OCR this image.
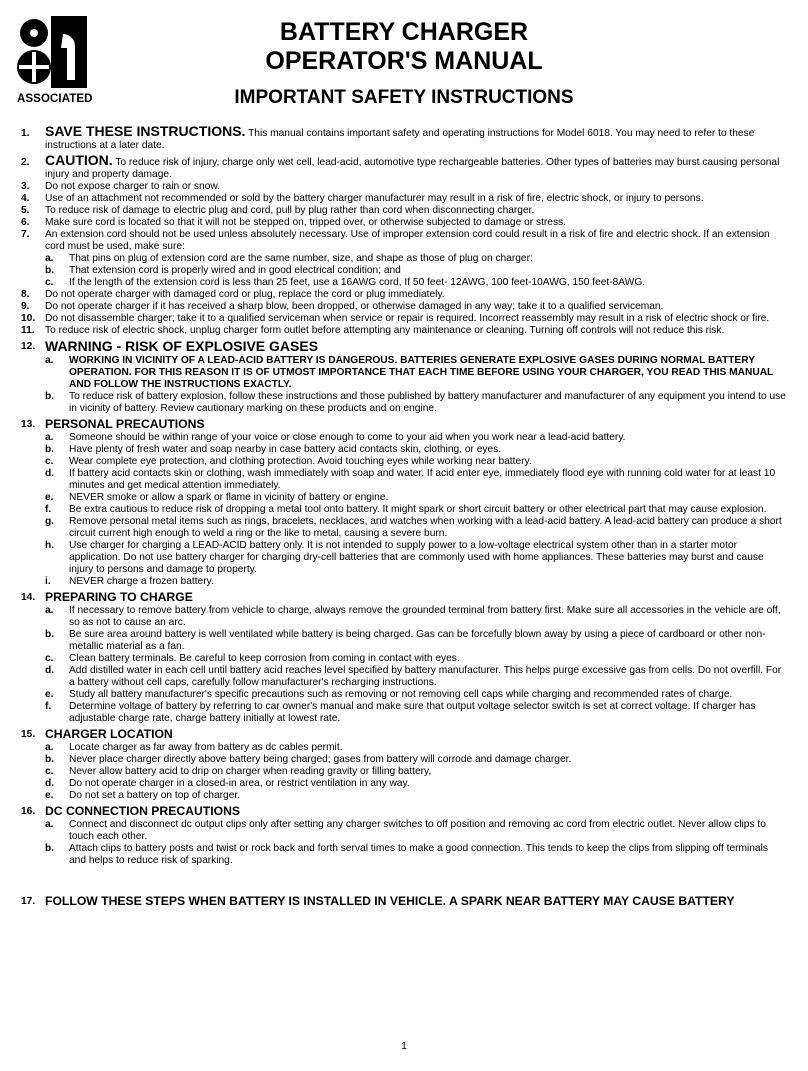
ASSOCIATED
BATTERY CHARGER
OPERATOR'S MANUAL
IMPORTANT SAFETY INSTRUCTIONS
1. SAVE THESE INSTRUCTIONS. This manual contains important safety and operating instructions for Model 6018. You may need to refer to these instructions at a later date.
2. CAUTION. To reduce risk of injury, charge only wet cell, lead-acid, automotive type rechargeable batteries. Other types of batteries may burst causing personal injury and property damage.
3. Do not expose charger to rain or snow.
4. Use of an attachment not recommended or sold by the battery charger manufacturer may result in a risk of fire, electric shock, or injury to persons.
5. To reduce risk of damage to electric plug and cord, pull by plug rather than cord when disconnecting charger.
6. Make sure cord is located so that it will not be stepped on, tripped over, or otherwise subjected to damage or stress.
7. An extension cord should not be used unless absolutely necessary. Use of improper extension cord could result in a risk of fire and electric shock. If an extension cord must be used, make sure:
a. That pins on plug of extension cord are the same number, size, and shape as those of plug on charger;
b. That extension cord is properly wired and in good electrical condition; and
c. If the length of the extension cord is less than 25 feet, use a 16AWG cord, If 50 feet- 12AWG, 100 feet-10AWG, 150 feet-8AWG.
8. Do not operate charger with damaged cord or plug, replace the cord or plug immediately.
9. Do not operate charger if it has received a sharp blow, been dropped, or otherwise damaged in any way; take it to a qualified serviceman.
10. Do not disassemble charger; take it to a qualified serviceman when service or repair is required. Incorrect reassembly may result in a risk of electric shock or fire.
11. To reduce risk of electric shock, unplug charger form outlet before attempting any maintenance or cleaning. Turning off controls will not reduce this risk.
12. WARNING - RISK OF EXPLOSIVE GASES
a. WORKING IN VICINITY OF A LEAD-ACID BATTERY IS DANGEROUS. BATTERIES GENERATE EXPLOSIVE GASES DURING NORMAL BATTERY OPERATION. FOR THIS REASON IT IS OF UTMOST IMPORTANCE THAT EACH TIME BEFORE USING YOUR CHARGER, YOU READ THIS MANUAL AND FOLLOW THE INSTRUCTIONS EXACTLY.
b. To reduce risk of battery explosion, follow these instructions and those published by battery manufacturer and manufacturer of any equipment you intend to use in vicinity of battery. Review cautionary marking on these products and on engine.
13. PERSONAL PRECAUTIONS
a. Someone should be within range of your voice or close enough to come to your aid when you work near a lead-acid battery.
b. Have plenty of fresh water and soap nearby in case battery acid contacts skin, clothing, or eyes.
c. Wear complete eye protection, and clothing protection. Avoid touching eyes while working near battery.
d. If battery acid contacts skin or clothing, wash immediately with soap and water. If acid enter eye, immediately flood eye with running cold water for at least 10 minutes and get medical attention immediately.
e. NEVER smoke or allow a spark or flame in vicinity of battery or engine.
f. Be extra cautious to reduce risk of dropping a metal tool onto battery. It might spark or short circuit battery or other electrical part that may cause explosion.
g. Remove personal metal items such as rings, bracelets, necklaces, and watches when working with a lead-acid battery. A lead-acid battery can produce a short circuit current high enough to weld a ring or the like to metal, causing a severe burn.
h. Use charger for charging a LEAD-ACID battery only. It is not intended to supply power to a low-voltage electrical system other than in a starter motor application. Do not use battery charger for charging dry-cell batteries that are commonly used with home appliances. These batteries may burst and cause injury to persons and damage to property.
i. NEVER charge a frozen battery.
14. PREPARING TO CHARGE
a. If necessary to remove battery from vehicle to charge, always remove the grounded terminal from battery first. Make sure all accessories in the vehicle are off, so as not to cause an arc.
b. Be sure area around battery is well ventilated while battery is being charged. Gas can be forcefully blown away by using a piece of cardboard or other non-metallic material as a fan.
c. Clean battery terminals. Be careful to keep corrosion from coming in contact with eyes.
d. Add distilled water in each cell until battery acid reaches level specified by battery manufacturer. This helps purge excessive gas from cells. Do not overfill. For a battery without cell caps, carefully follow manufacturer's recharging instructions.
e. Study all battery manufacturer's specific precautions such as removing or not removing cell caps while charging and recommended rates of charge.
f. Determine voltage of battery by referring to car owner's manual and make sure that output voltage selector switch is set at correct voltage. If charger has adjustable charge rate, charge battery initially at lowest rate.
15. CHARGER LOCATION
a. Locate charger as far away from battery as dc cables permit.
b. Never place charger directly above battery being charged; gases from battery will corrode and damage charger.
c. Never allow battery acid to drip on charger when reading gravity or filling battery,
d. Do not operate charger in a closed-in area, or restrict ventilation in any way.
e. Do not set a battery on top of charger.
16. DC CONNECTION PRECAUTIONS
a. Connect and disconnect dc output clips only after setting any charger switches to off position and removing ac cord from electric outlet. Never allow clips to touch each other.
b. Attach clips to battery posts and twist or rock back and forth serval times to make a good connection. This tends to keep the clips from slipping off terminals and helps to reduce risk of sparking.
17. FOLLOW THESE STEPS WHEN BATTERY IS INSTALLED IN VEHICLE. A SPARK NEAR BATTERY MAY CAUSE BATTERY
1
